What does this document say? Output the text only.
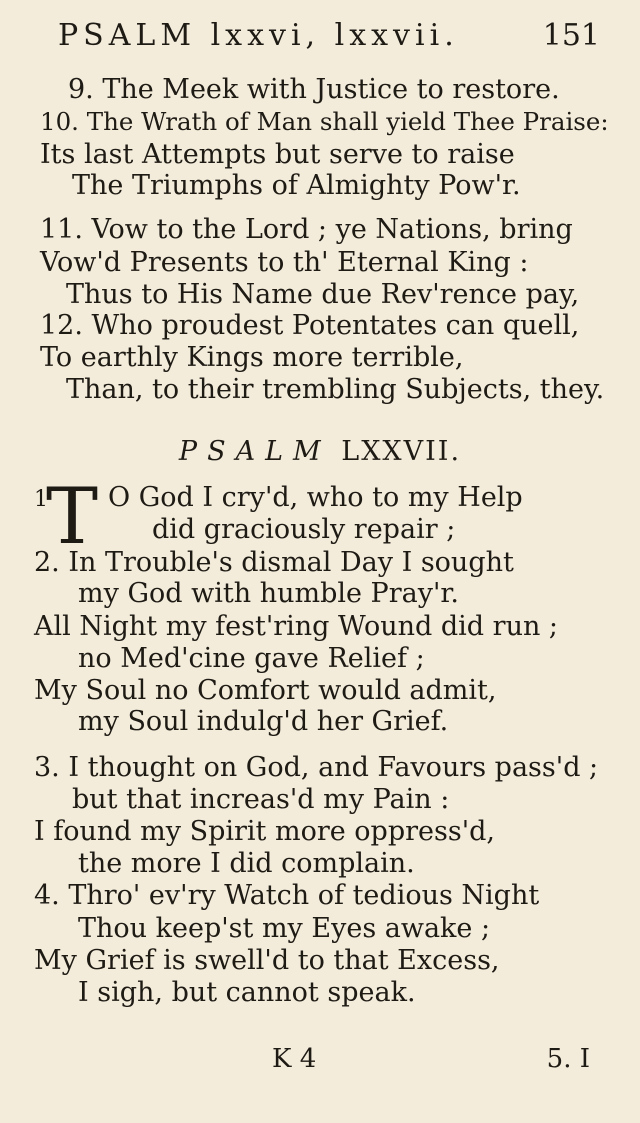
PSALM lxxvi, lxxvii.	151
9. The Meek with Justice to restore.
10. The Wrath of Man shall yield Thee Praise:
Its last Attempts but serve to raise
The Triumphs of Almighty Pow'r.
11. Vow to the Lord ; ye Nations, bring
Vow'd Presents to th' Eternal King :
Thus to His Name due Rev'rence pay,
12. Who proudest Potentates can quell,
To earthly Kings more terrible,
Than, to their trembling Subjects, they.
PSALM LXXVII.
1
T O God I cry'd, who to my Help
did graciously repair ;
2. In Trouble's dismal Day I sought
my God with humble Pray'r.
All Night my fest'ring Wound did run ;
no Med'cine gave Relief ;
My Soul no Comfort would admit,
my Soul indulg'd her Grief.
3. I thought on God, and Favours pass'd ;
but that increas'd my Pain :
I found my Spirit more oppress'd,
the more I did complain.
4. Thro' ev'ry Watch of tedious Night
Thou keep'st my Eyes awake ;
My Grief is swell'd to that Excess,
I sigh, but cannot speak.
K 4	5. I
